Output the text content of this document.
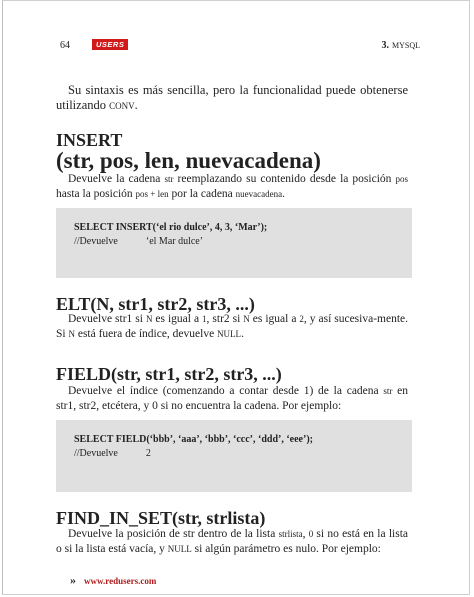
64	USERS	3. MYSQL
Su sintaxis es más sencilla, pero la funcionalidad puede obtenerse utilizando CONV.
INSERT
(str, pos, len, nuevacadena)
Devuelve la cadena str reemplazando su contenido desde la posición pos hasta la posición pos + len por la cadena nuevacadena.
SELECT INSERT(‘el rio dulce’, 4, 3, ‘Mar’);
//Devuelve	‘el Mar dulce’
ELT(N, str1, str2, str3, ...)
Devuelve str1 si N es igual a 1, str2 si N es igual a 2, y así sucesiva-mente. Si N está fuera de índice, devuelve NULL.
FIELD(str, str1, str2, str3, ...)
Devuelve el índice (comenzando a contar desde 1) de la cadena str en str1, str2, etcétera, y 0 si no encuentra la cadena. Por ejemplo:
SELECT FIELD(‘bbb’, ‘aaa’, ‘bbb’, ‘ccc’, ‘ddd’, ‘eee’);
//Devuelve	2
FIND_IN_SET(str, strlista)
Devuelve la posición de str dentro de la lista strlista, 0 si no está en la lista o si la lista está vacía, y NULL si algún parámetro es nulo. Por ejemplo:
» www.redusers.com
